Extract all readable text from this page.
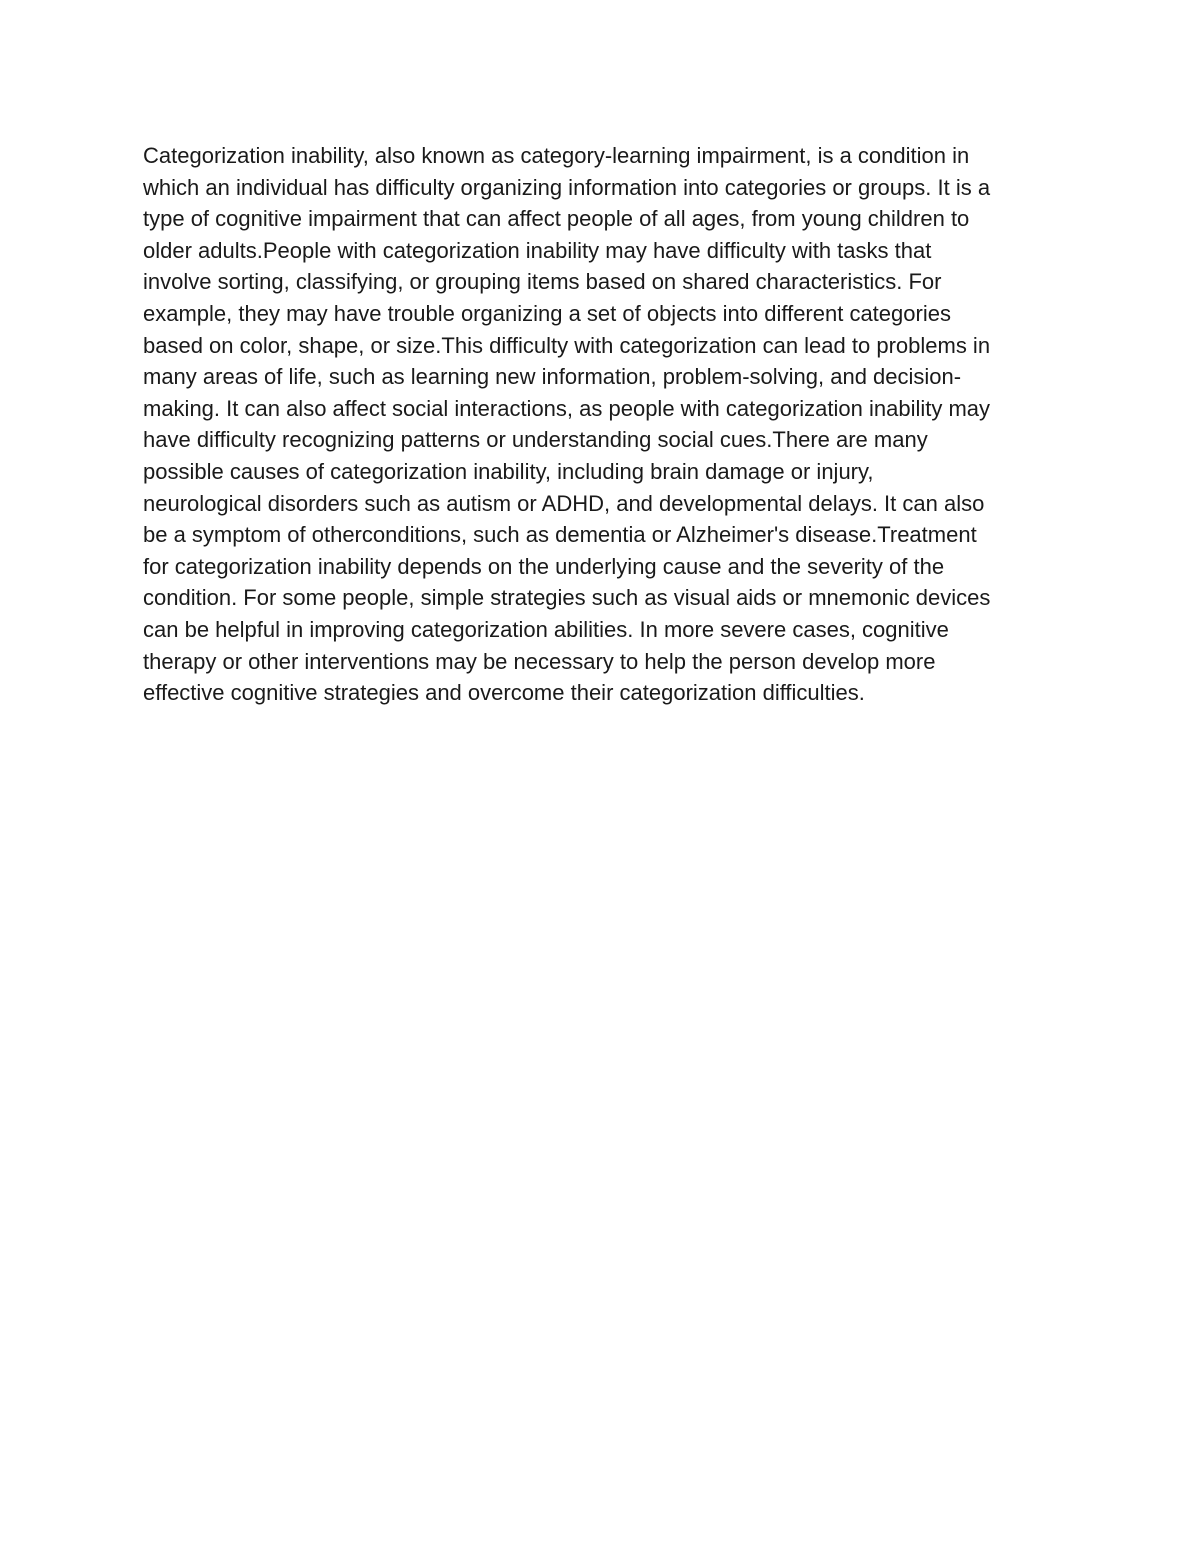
Categorization inability, also known as category-learning impairment, is a condition in
which an individual has difficulty organizing information into categories or groups. It is a
type of cognitive impairment that can affect people of all ages, from young children to
older adults.People with categorization inability may have difficulty with tasks that
involve sorting, classifying, or grouping items based on shared characteristics. For
example, they may have trouble organizing a set of objects into different categories
based on color, shape, or size.This difficulty with categorization can lead to problems in
many areas of life, such as learning new information, problem-solving, and decision-
making. It can also affect social interactions, as people with categorization inability may
have difficulty recognizing patterns or understanding social cues.There are many
possible causes of categorization inability, including brain damage or injury,
neurological disorders such as autism or ADHD, and developmental delays. It can also
be a symptom of otherconditions, such as dementia or Alzheimer's disease.Treatment
for categorization inability depends on the underlying cause and the severity of the
condition. For some people, simple strategies such as visual aids or mnemonic devices
can be helpful in improving categorization abilities. In more severe cases, cognitive
therapy or other interventions may be necessary to help the person develop more
effective cognitive strategies and overcome their categorization difficulties.
